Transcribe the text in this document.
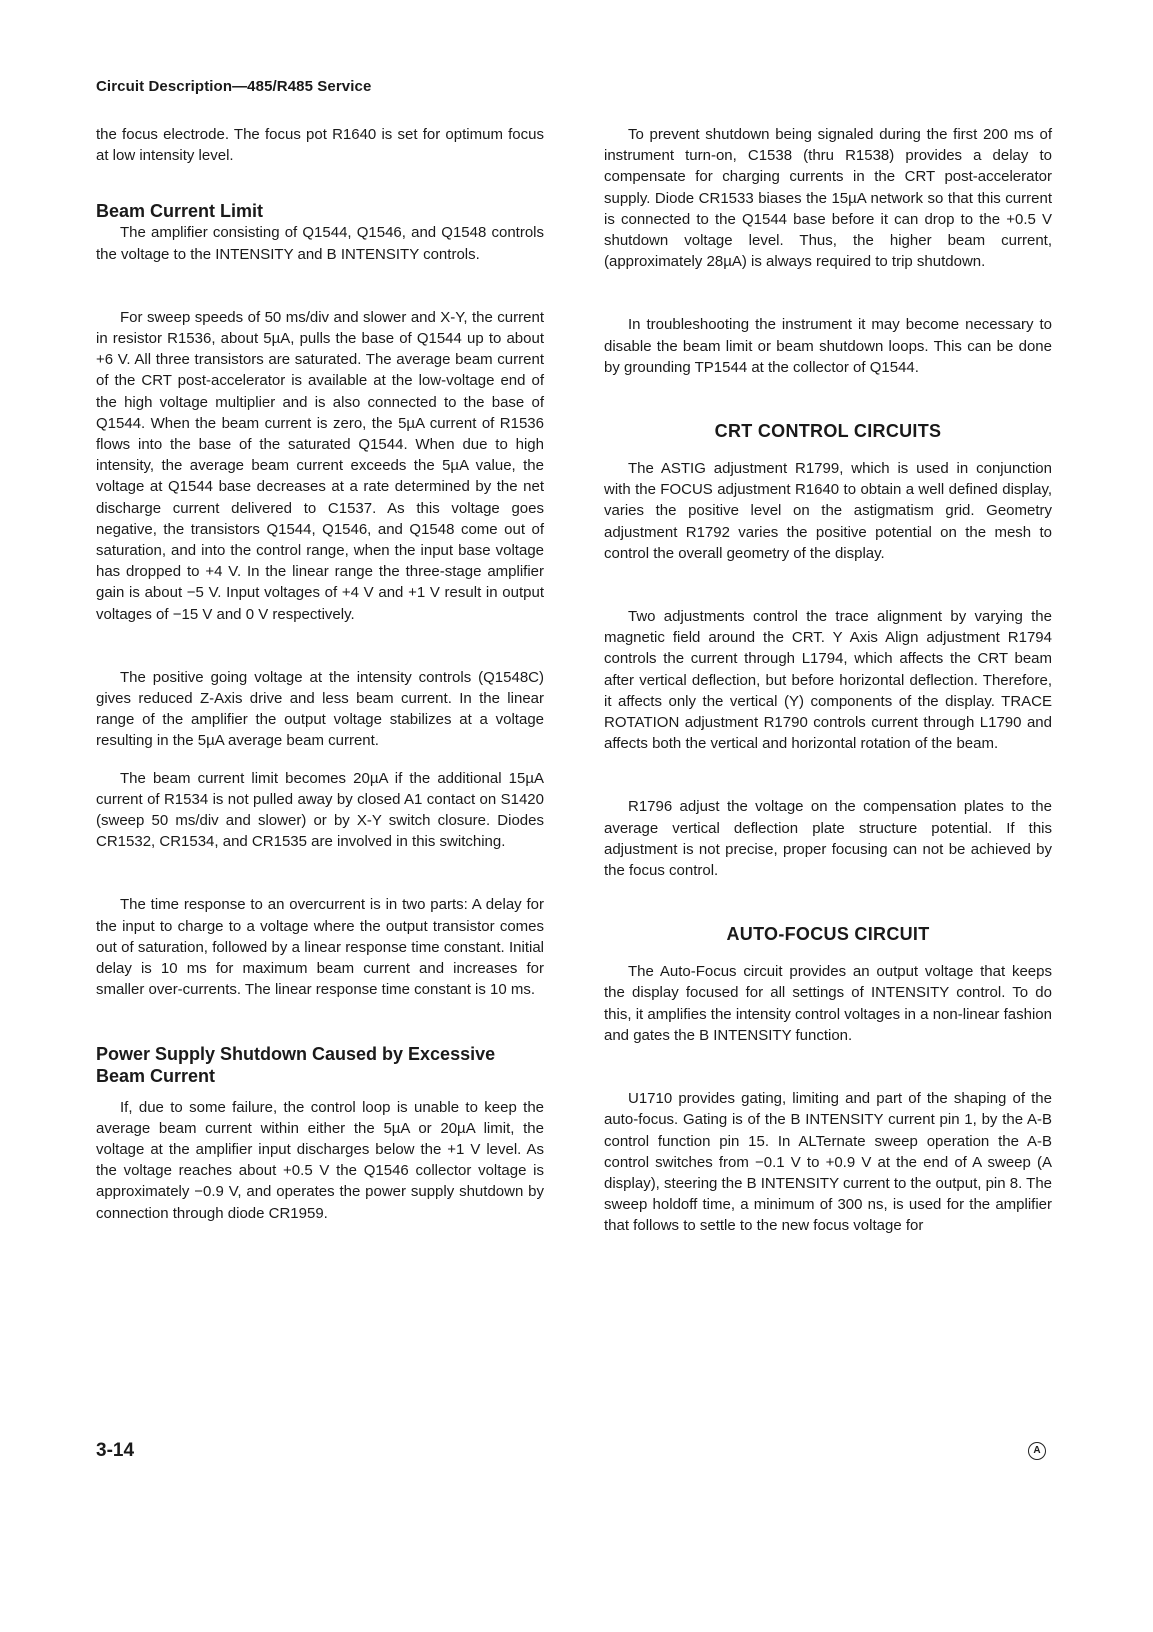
Circuit Description—485/R485 Service

the focus electrode. The focus pot R1640 is set for optimum focus at low intensity level.

Beam Current Limit

The amplifier consisting of Q1544, Q1546, and Q1548 controls the voltage to the INTENSITY and B INTENSITY controls.

For sweep speeds of 50 ms/div and slower and X-Y, the current in resistor R1536, about 5µA, pulls the base of Q1544 up to about +6 V. All three transistors are saturated. The average beam current of the CRT post-accelerator is available at the low-voltage end of the high voltage multiplier and is also connected to the base of Q1544. When the beam current is zero, the 5µA current of R1536 flows into the base of the saturated Q1544. When due to high intensity, the average beam current exceeds the 5µA value, the voltage at Q1544 base decreases at a rate determined by the net discharge current delivered to C1537. As this voltage goes negative, the transistors Q1544, Q1546, and Q1548 come out of saturation, and into the control range, when the input base voltage has dropped to +4 V. In the linear range the three-stage amplifier gain is about −5 V. Input voltages of +4 V and +1 V result in output voltages of −15 V and 0 V respectively.

The positive going voltage at the intensity controls (Q1548C) gives reduced Z-Axis drive and less beam current. In the linear range of the amplifier the output voltage stabilizes at a voltage resulting in the 5µA average beam current.

The beam current limit becomes 20µA if the additional 15µA current of R1534 is not pulled away by closed A1 contact on S1420 (sweep 50 ms/div and slower) or by X-Y switch closure. Diodes CR1532, CR1534, and CR1535 are involved in this switching.

The time response to an overcurrent is in two parts: A delay for the input to charge to a voltage where the output transistor comes out of saturation, followed by a linear response time constant. Initial delay is 10 ms for maximum beam current and increases for smaller over-currents. The linear response time constant is 10 ms.

Power Supply Shutdown Caused by Excessive Beam Current

If, due to some failure, the control loop is unable to keep the average beam current within either the 5µA or 20µA limit, the voltage at the amplifier input discharges below the +1 V level. As the voltage reaches about +0.5 V the Q1546 collector voltage is approximately −0.9 V, and operates the power supply shutdown by connection through diode CR1959.

To prevent shutdown being signaled during the first 200 ms of instrument turn-on, C1538 (thru R1538) provides a delay to compensate for charging currents in the CRT post-accelerator supply. Diode CR1533 biases the 15µA network so that this current is connected to the Q1544 base before it can drop to the +0.5 V shutdown voltage level. Thus, the higher beam current, (approximately 28µA) is always required to trip shutdown.

In troubleshooting the instrument it may become necessary to disable the beam limit or beam shutdown loops. This can be done by grounding TP1544 at the collector of Q1544.

CRT CONTROL CIRCUITS

The ASTIG adjustment R1799, which is used in conjunction with the FOCUS adjustment R1640 to obtain a well defined display, varies the positive level on the astigmatism grid. Geometry adjustment R1792 varies the positive potential on the mesh to control the overall geometry of the display.

Two adjustments control the trace alignment by varying the magnetic field around the CRT. Y Axis Align adjustment R1794 controls the current through L1794, which affects the CRT beam after vertical deflection, but before horizontal deflection. Therefore, it affects only the vertical (Y) components of the display. TRACE ROTATION adjustment R1790 controls current through L1790 and affects both the vertical and horizontal rotation of the beam.

R1796 adjust the voltage on the compensation plates to the average vertical deflection plate structure potential. If this adjustment is not precise, proper focusing can not be achieved by the focus control.

AUTO-FOCUS CIRCUIT

The Auto-Focus circuit provides an output voltage that keeps the display focused for all settings of INTENSITY control. To do this, it amplifies the intensity control voltages in a non-linear fashion and gates the B INTENSITY function.

U1710 provides gating, limiting and part of the shaping of the auto-focus. Gating is of the B INTENSITY current pin 1, by the A-B control function pin 15. In ALTernate sweep operation the A-B control switches from −0.1 V to +0.9 V at the end of A sweep (A display), steering the B INTENSITY current to the output, pin 8. The sweep holdoff time, a minimum of 300 ns, is used for the amplifier that follows to settle to the new focus voltage for

3-14	A
